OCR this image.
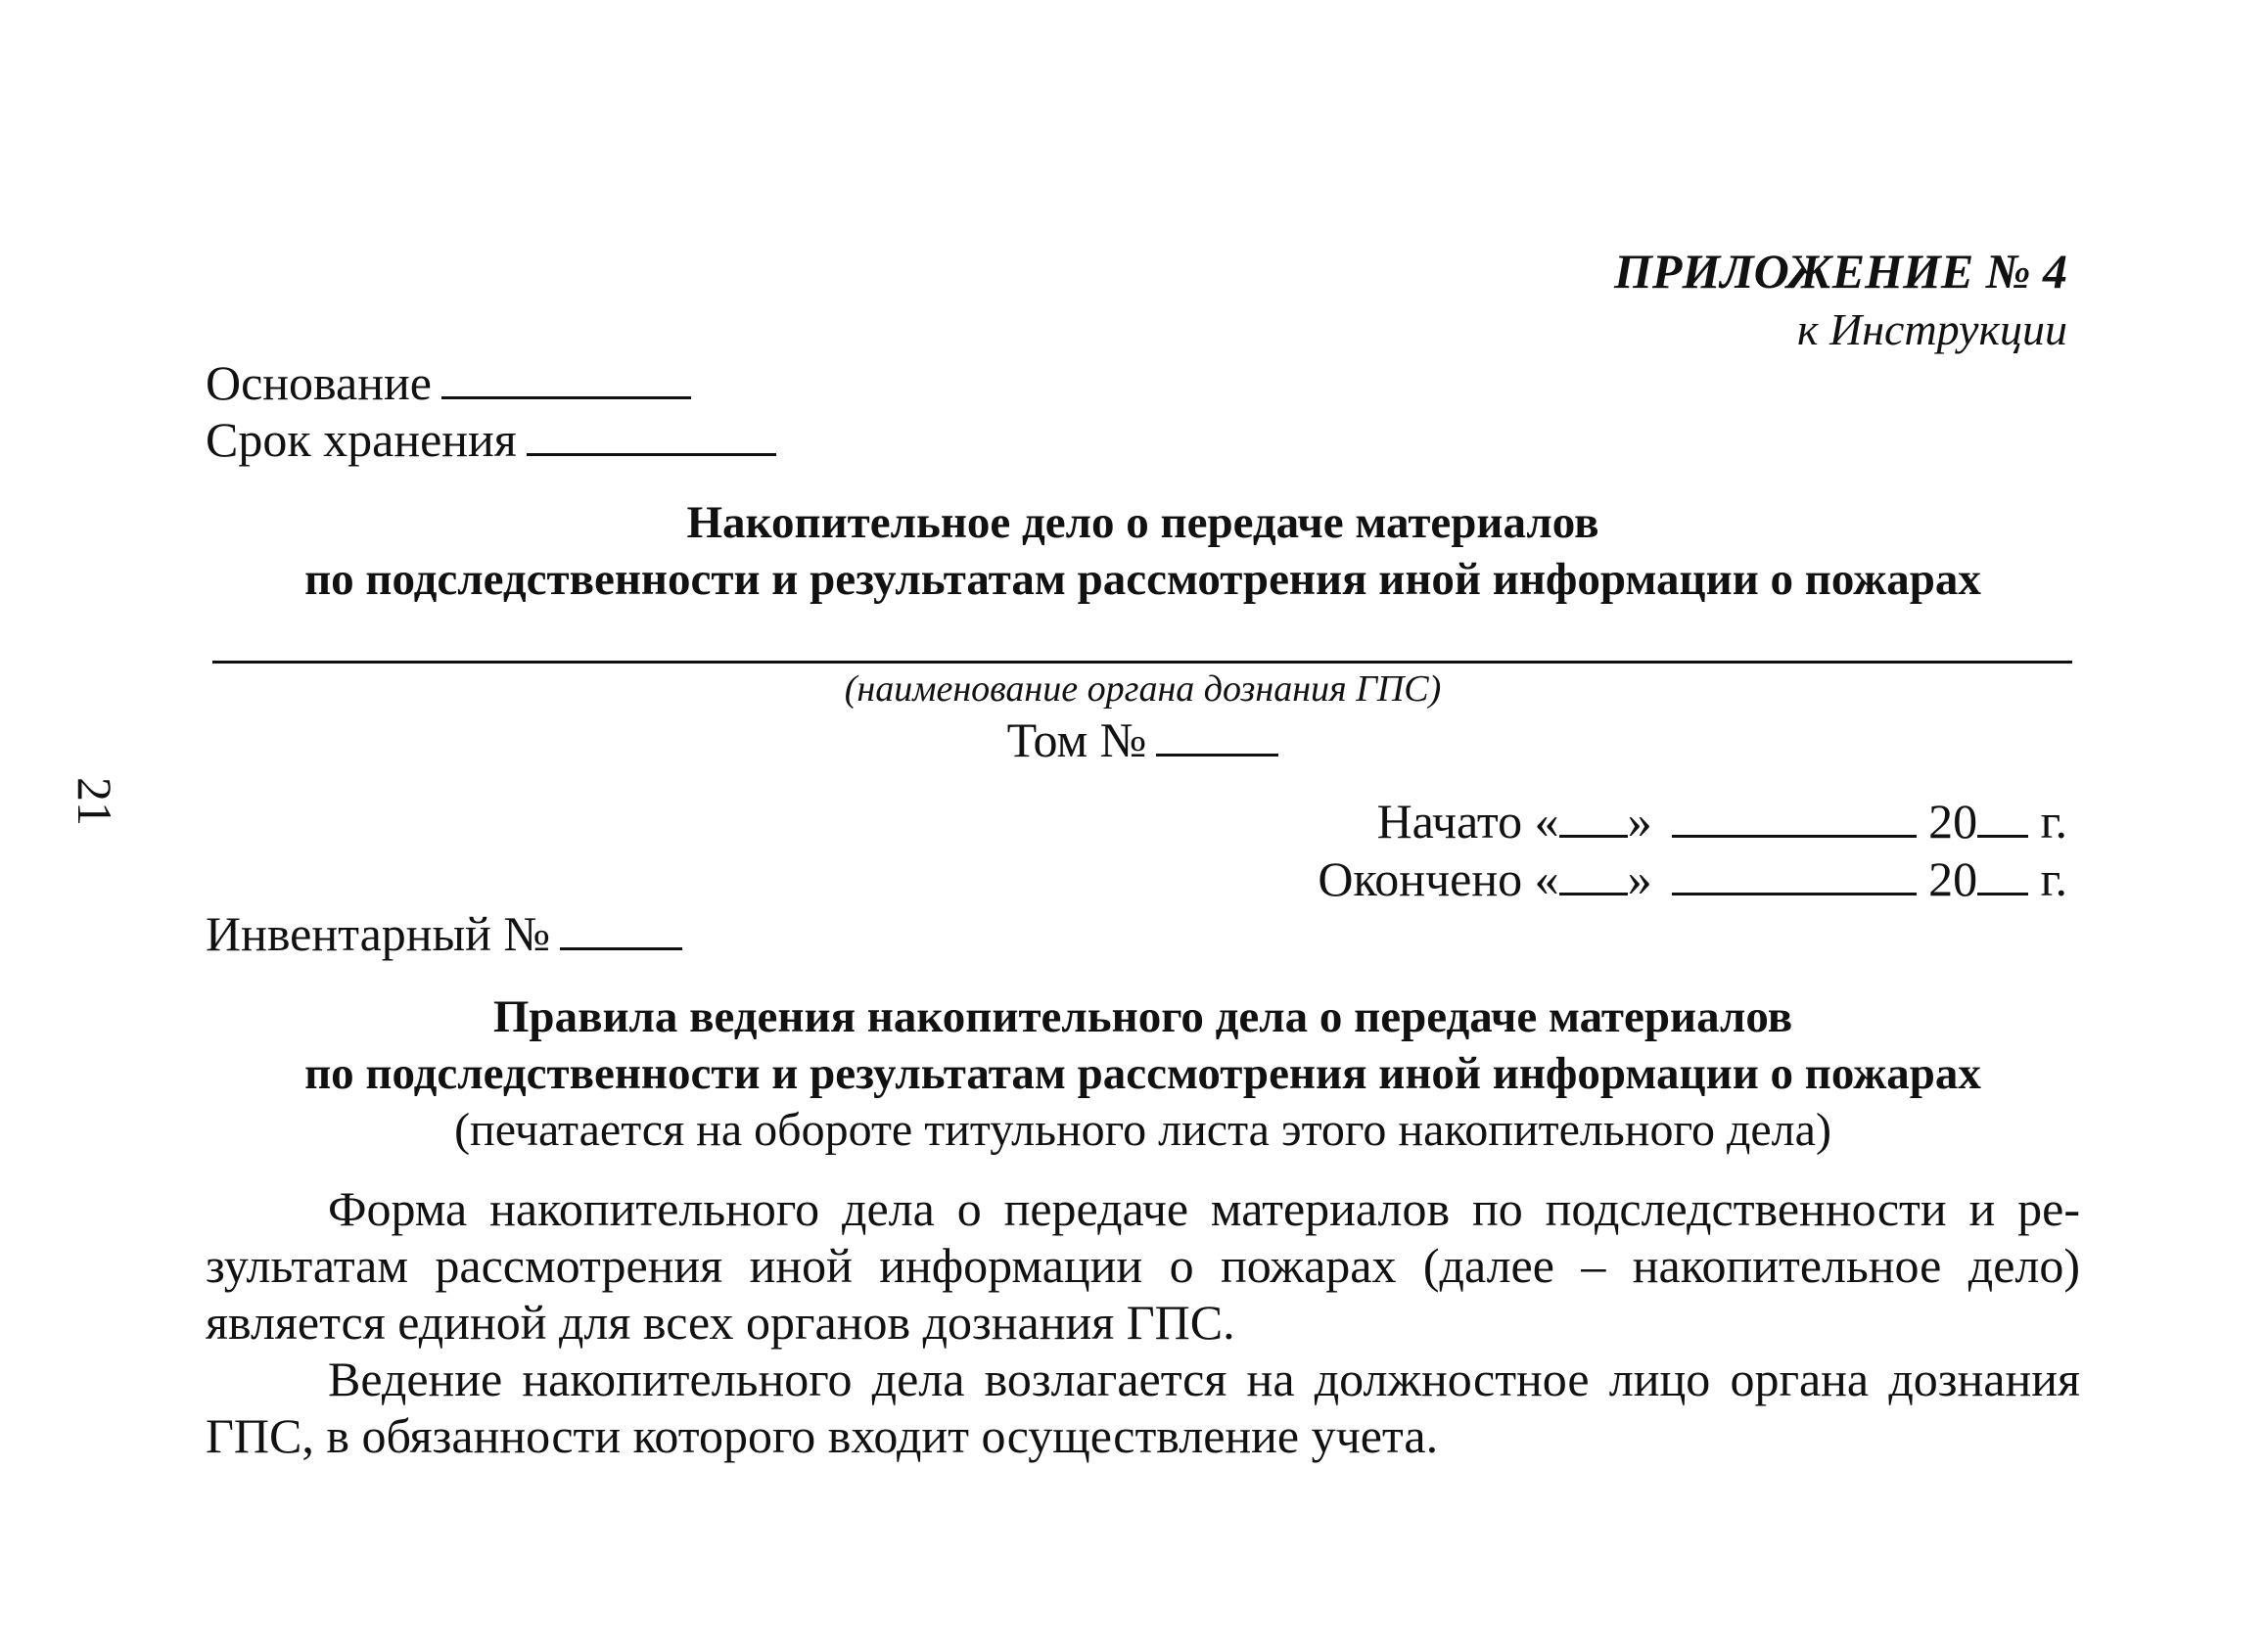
21
ПРИЛОЖЕНИЕ № 4
к Инструкции
Основание
Срок хранения
Накопительное дело о передаче материалов
по подследственности и результатам рассмотрения иной информации о пожарах
(наименование органа дознания ГПС)
Том №
Начато « »	20 г.
Окончено « »	20 г.
Инвентарный №
Правила ведения накопительного дела о передаче материалов
по подследственности и результатам рассмотрения иной информации о пожарах
(печатается на обороте титульного листа этого накопительного дела)
Форма накопительного дела о передаче материалов по подследственности и ре-
зультатам рассмотрения иной информации о пожарах (далее – накопительное дело)
является единой для всех органов дознания ГПС.
Ведение накопительного дела возлагается на должностное лицо органа дознания
ГПС, в обязанности которого входит осуществление учета.
